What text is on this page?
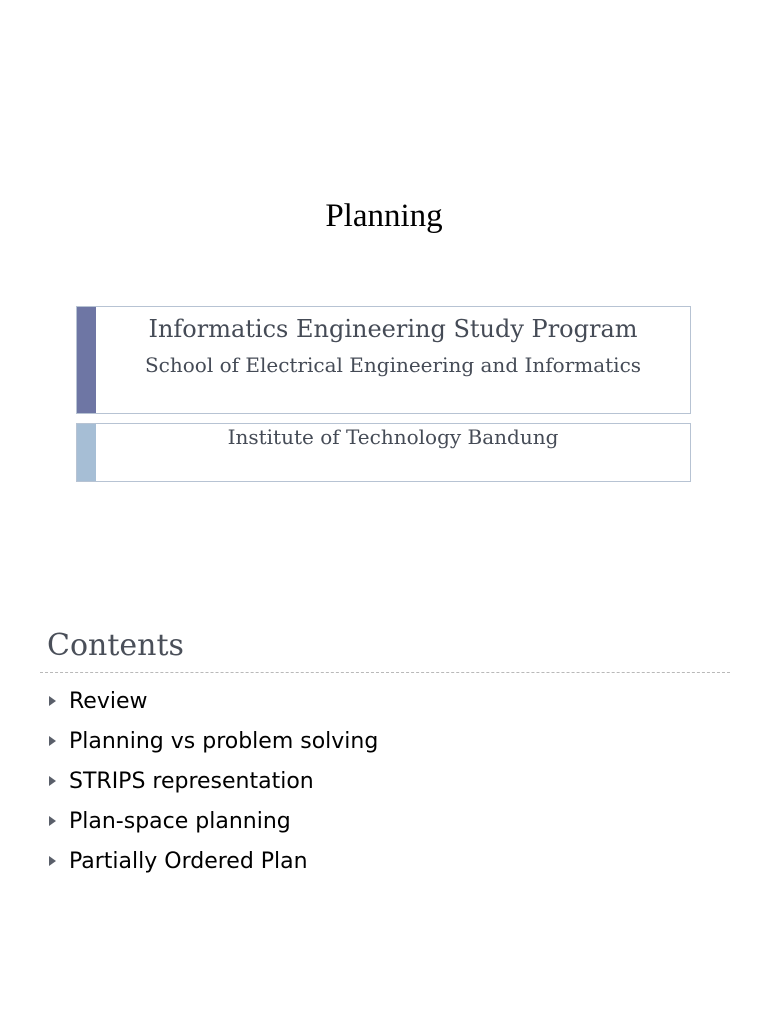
Planning
Informatics Engineering Study Program
School of Electrical Engineering and Informatics
Institute of Technology Bandung
Contents
Review
Planning vs problem solving
STRIPS representation
Plan-space planning
Partially Ordered Plan
